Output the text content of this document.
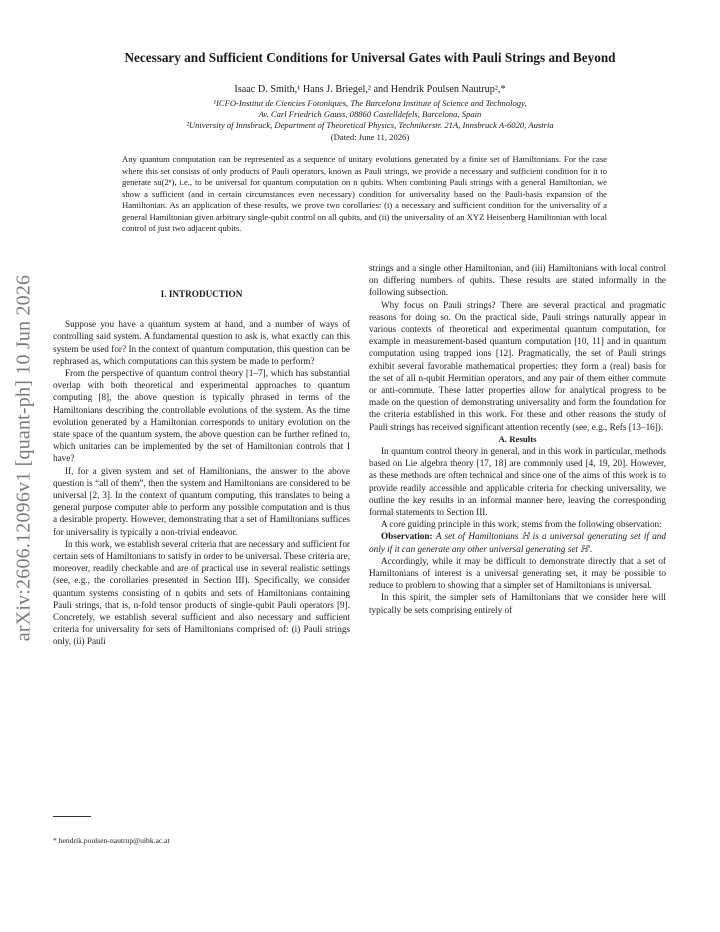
arXiv:2606.12096v1 [quant-ph] 10 Jun 2026
Necessary and Sufficient Conditions for Universal Gates with Pauli Strings and Beyond
Isaac D. Smith,¹ Hans J. Briegel,² and Hendrik Poulsen Nautrup²,*
¹ICFO-Institut de Ciencies Fotoniques, The Barcelona Institute of Science and Technology,
Av. Carl Friedrich Gauss, 08860 Castelldefels, Barcelona, Spain
²University of Innsbruck, Department of Theoretical Physics, Technikerstr. 21A, Innsbruck A-6020, Austria
(Dated: June 11, 2026)
Any quantum computation can be represented as a sequence of unitary evolutions generated by a finite set of Hamiltonians. For the case where this set consists of only products of Pauli operators, known as Pauli strings, we provide a necessary and sufficient condition for it to generate su(2ⁿ), i.e., to be universal for quantum computation on n qubits. When combining Pauli strings with a general Hamiltonian, we show a sufficient (and in certain circumstances even necessary) condition for universality based on the Pauli-basis expansion of the Hamiltonian. As an application of these results, we prove two corollaries: (i) a necessary and sufficient condition for the universality of a general Hamiltonian given arbitrary single-qubit control on all qubits, and (ii) the universality of an XYZ Heisenberg Hamiltonian with local control of just two adjacent qubits.

I. INTRODUCTION

Suppose you have a quantum system at hand, and a number of ways of controlling said system. A fundamental question to ask is, what exactly can this system be used for? In the context of quantum computation, this question can be rephrased as, which computations can this system be made to perform?

From the perspective of quantum control theory [1–7], which has substantial overlap with both theoretical and experimental approaches to quantum computing [8], the above question is typically phrased in terms of the Hamiltonians describing the controllable evolutions of the system. As the time evolution generated by a Hamiltonian corresponds to unitary evolution on the state space of the quantum system, the above question can be further refined to, which unitaries can be implemented by the set of Hamiltonian controls that I have?

If, for a given system and set of Hamiltonians, the answer to the above question is “all of them”, then the system and Hamiltonians are considered to be universal [2, 3]. In the context of quantum computing, this translates to being a general purpose computer able to perform any possible computation and is thus a desirable property. However, demonstrating that a set of Hamiltonians suffices for universality is typically a non-trivial endeavor.

In this work, we establish several criteria that are necessary and sufficient for certain sets of Hamiltonians to satisfy in order to be universal. These criteria are, moreover, readily checkable and are of practical use in several realistic settings (see, e.g., the corollaries presented in Section III). Specifically, we consider quantum systems consisting of n qubits and sets of Hamiltonians containing Pauli strings, that is, n-fold tensor products of single-qubit Pauli operators [9]. Concretely, we establish several sufficient and also necessary and sufficient criteria for universality for sets of Hamiltonians comprised of: (i) Pauli strings only, (ii) Pauli

strings and a single other Hamiltonian, and (iii) Hamiltonians with local control on differing numbers of qubits. These results are stated informally in the following subsection.

Why focus on Pauli strings? There are several practical and pragmatic reasons for doing so. On the practical side, Pauli strings naturally appear in various contexts of theoretical and experimental quantum computation, for example in measurement-based quantum computation [10, 11] and in quantum computation using trapped ions [12]. Pragmatically, the set of Pauli strings exhibit several favorable mathematical properties: they form a (real) basis for the set of all n-qubit Hermitian operators, and any pair of them either commute or anti-commute. These latter properties allow for analytical progress to be made on the question of demonstrating universality and form the foundation for the criteria established in this work. For these and other reasons the study of Pauli strings has received significant attention recently (see, e.g., Refs [13–16]).

A. Results

In quantum control theory in general, and in this work in particular, methods based on Lie algebra theory [17, 18] are commonly used [4, 19, 20]. However, as these methods are often technical and since one of the aims of this work is to provide readily accessible and applicable criteria for checking universality, we outline the key results in an informal manner here, leaving the corresponding formal statements to Section III.

A core guiding principle in this work, stems from the following observation:

Observation: A set of Hamiltonians ℍ is a universal generating set if and only if it can generate any other universal generating set ℍ′.

Accordingly, while it may be difficult to demonstrate directly that a set of Hamiltonians of interest is a universal generating set, it may be possible to reduce to problem to showing that a simpler set of Hamiltonians is universal.

In this spirit, the simpler sets of Hamiltonians that we consider here will typically be sets comprising entirely of

* hendrik.poulsen-nautrup@uibk.ac.at
